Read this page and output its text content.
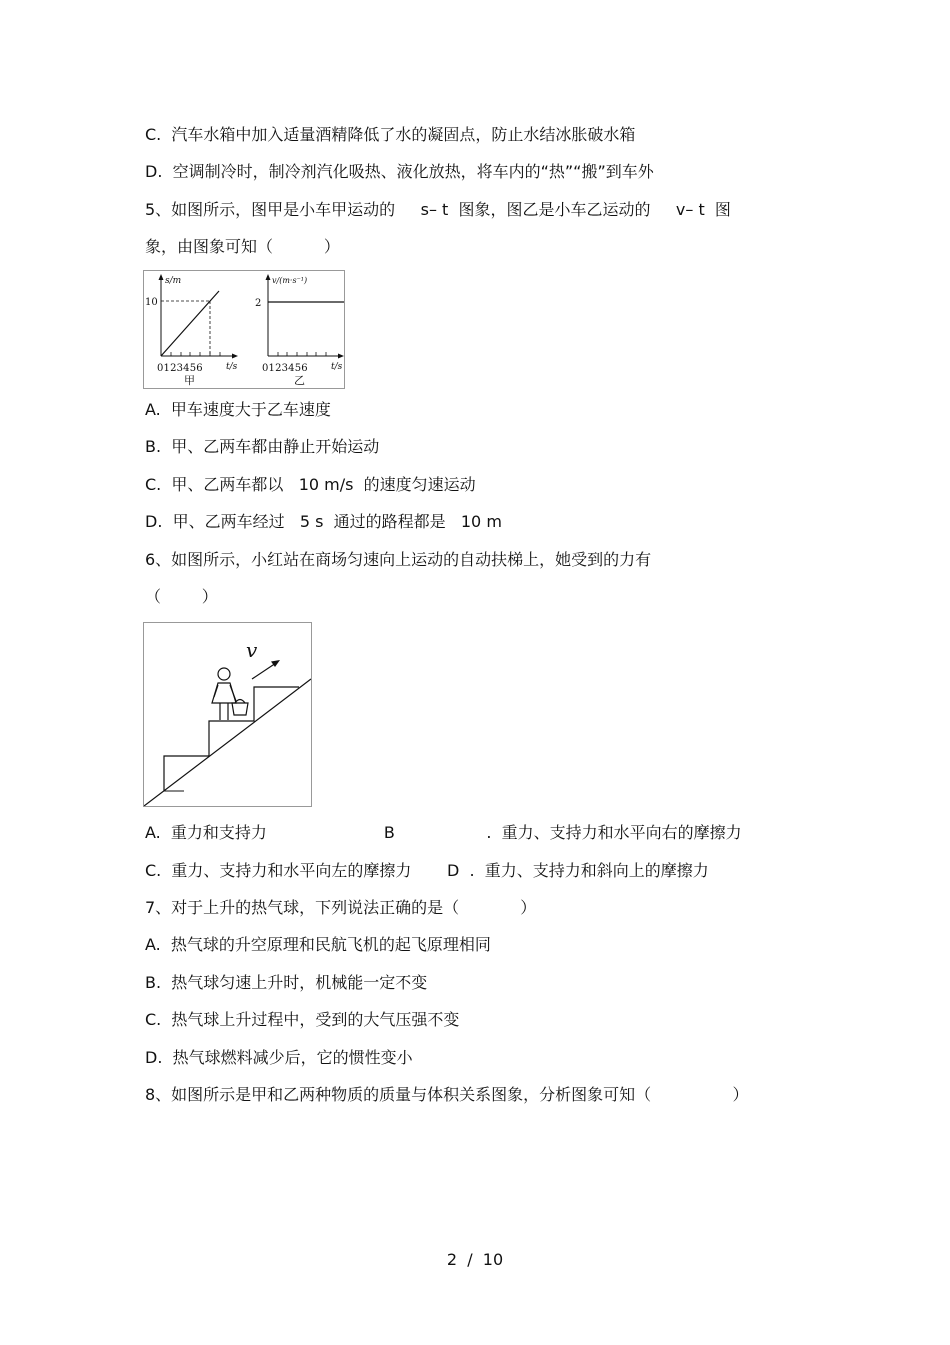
C.  汽车水箱中加入适量酒精降低了水的凝固点，防止水结冰胀破水箱
D.  空调制冷时，制冷剂汽化吸热、液化放热，将车内的“热”“搬”到车外
5、如图所示，图甲是小车甲运动的     s– t  图象，图乙是小车乙运动的     v– t  图
象，由图象可知（          ）
s/m
10
0 1 2 3 4 5 6	t/s
甲
v/(m·s⁻¹)
2
0 1 2 3 4 5 6	t/s
乙
A.  甲车速度大于乙车速度
B.  甲、乙两车都由静止开始运动
C.  甲、乙两车都以   10 m/s  的速度匀速运动
D.  甲、乙两车经过   5 s  通过的路程都是   10 m
6、如图所示，小红站在商场匀速向上运动的自动扶梯上，她受到的力有
（        ）
v
A.  重力和支持力                       B                  .  重力、支持力和水平向右的摩擦力
C.  重力、支持力和水平向左的摩擦力       D  .  重力、支持力和斜向上的摩擦力
7、对于上升的热气球，下列说法正确的是（            ）
A.  热气球的升空原理和民航飞机的起飞原理相同
B.  热气球匀速上升时，机械能一定不变
C.  热气球上升过程中，受到的大气压强不变
D.  热气球燃料减少后，它的惯性变小
8、如图所示是甲和乙两种物质的质量与体积关系图象，分析图象可知（                ）
2  /  10
